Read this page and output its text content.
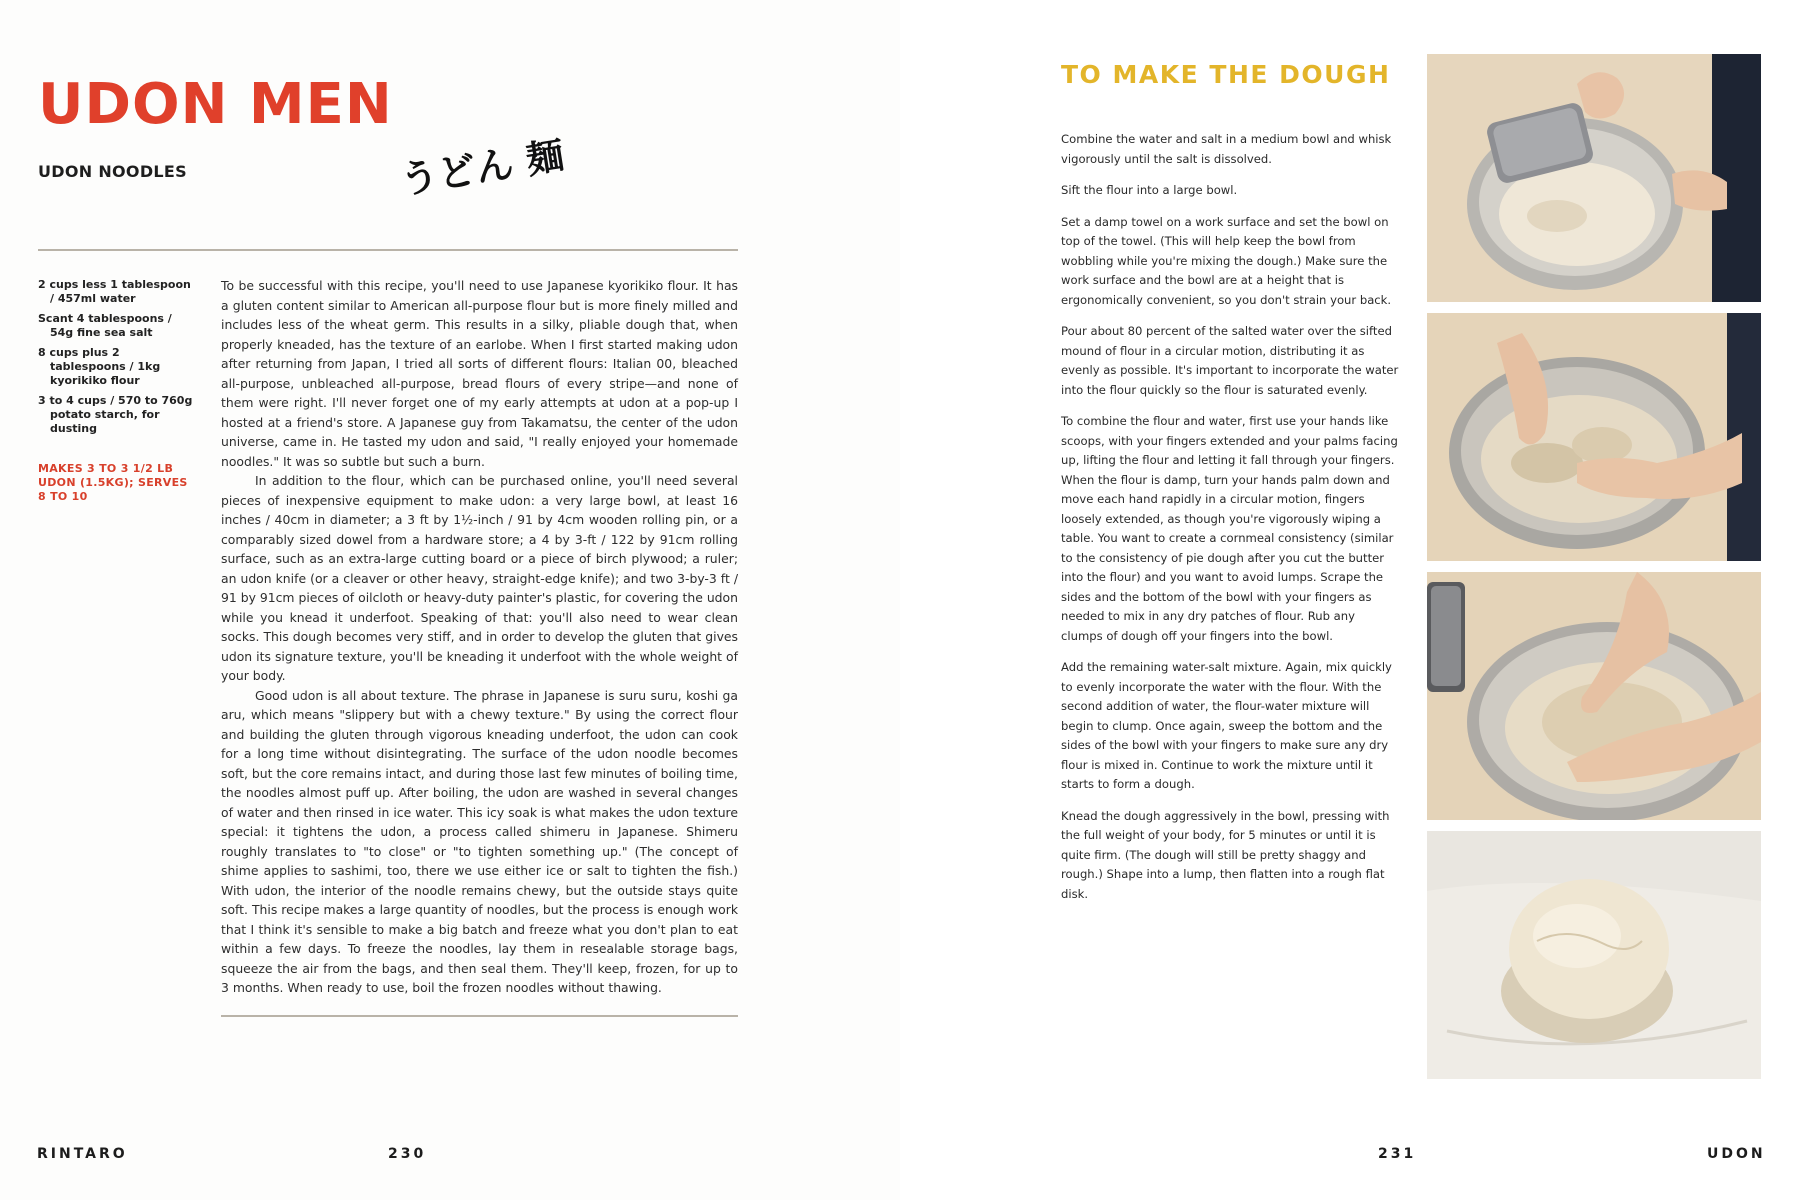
UDON MEN
UDON NOODLES	うどん 麺
2 cups less 1 tablespoon / 457ml water
Scant 4 tablespoons / 54g fine sea salt
8 cups plus 2 tablespoons / 1kg kyoriki​ko flour
3 to 4 cups / 570 to 760g potato starch, for dusting
MAKES 3 TO 3 1/2 LB UDON (1.5KG); SERVES 8 TO 10

To be successful with this recipe, you'll need to use Japanese kyorikiko flour. It has a gluten content similar to American all-purpose flour but is more finely milled and includes less of the wheat germ. This results in a silky, pliable dough that, when properly kneaded, has the texture of an earlobe. When I first started making udon after returning from Japan, I tried all sorts of different flours: Italian 00, bleached all-purpose, unbleached all-purpose, bread flours of every stripe—and none of them were right. I'll never forget one of my early attempts at udon at a pop-up I hosted at a friend's store. A Japanese guy from Takamatsu, the center of the udon universe, came in. He tasted my udon and said, "I really enjoyed your homemade noodles." It was so subtle but such a burn.

In addition to the flour, which can be purchased online, you'll need several pieces of inexpensive equipment to make udon: a very large bowl, at least 16 inches / 40cm in diameter; a 3 ft by 1½-inch / 91 by 4cm wooden rolling pin, or a comparably sized dowel from a hardware store; a 4 by 3-ft / 122 by 91cm rolling surface, such as an extra-large cutting board or a piece of birch plywood; a ruler; an udon knife (or a cleaver or other heavy, straight-edge knife); and two 3-by-3 ft / 91 by 91cm pieces of oilcloth or heavy-duty painter's plastic, for covering the udon while you knead it underfoot. Speaking of that: you'll also need to wear clean socks. This dough becomes very stiff, and in order to develop the gluten that gives udon its signature texture, you'll be kneading it underfoot with the whole weight of your body.

Good udon is all about texture. The phrase in Japanese is suru suru, koshi ga aru, which means "slippery but with a chewy texture." By using the correct flour and building the gluten through vigorous kneading underfoot, the udon can cook for a long time without disintegrating. The surface of the udon noodle becomes soft, but the core remains intact, and during those last few minutes of boiling time, the noodles almost puff up. After boiling, the udon are washed in several changes of water and then rinsed in ice water. This icy soak is what makes the udon texture special: it tightens the udon, a process called shimeru in Japanese. Shimeru roughly translates to "to close" or "to tighten something up." (The concept of shime applies to sashimi, too, there we use either ice or salt to tighten the fish.) With udon, the interior of the noodle remains chewy, but the outside stays quite soft. This recipe makes a large quantity of noodles, but the process is enough work that I think it's sensible to make a big batch and freeze what you don't plan to eat within a few days. To freeze the noodles, lay them in resealable storage bags, squeeze the air from the bags, and then seal them. They'll keep, frozen, for up to 3 months. When ready to use, boil the frozen noodles without thawing.

RINTARO	230	231	UDON
TO MAKE THE DOUGH

Combine the water and salt in a medium bowl and whisk vigorously until the salt is dissolved.

Sift the flour into a large bowl.

Set a damp towel on a work surface and set the bowl on top of the towel. (This will help keep the bowl from wobbling while you're mixing the dough.) Make sure the work surface and the bowl are at a height that is ergonomically convenient, so you don't strain your back.

Pour about 80 percent of the salted water over the sifted mound of flour in a circular motion, distributing it as evenly as possible. It's important to incorporate the water into the flour quickly so the flour is saturated evenly.

To combine the flour and water, first use your hands like scoops, with your fingers extended and your palms facing up, lifting the flour and letting it fall through your fingers. When the flour is damp, turn your hands palm down and move each hand rapidly in a circular motion, fingers loosely extended, as though you're vigorously wiping a table. You want to create a cornmeal consistency (similar to the consistency of pie dough after you cut the butter into the flour) and you want to avoid lumps. Scrape the sides and the bottom of the bowl with your fingers as needed to mix in any dry patches of flour. Rub any clumps of dough off your fingers into the bowl.

Add the remaining water-salt mixture. Again, mix quickly to evenly incorporate the water with the flour. With the second addition of water, the flour-water mixture will begin to clump. Once again, sweep the bottom and the sides of the bowl with your fingers to make sure any dry flour is mixed in. Continue to work the mixture until it starts to form a dough.

Knead the dough aggressively in the bowl, pressing with the full weight of your body, for 5 minutes or until it is quite firm. (The dough will still be pretty shaggy and rough.) Shape into a lump, then flatten into a rough flat disk.
